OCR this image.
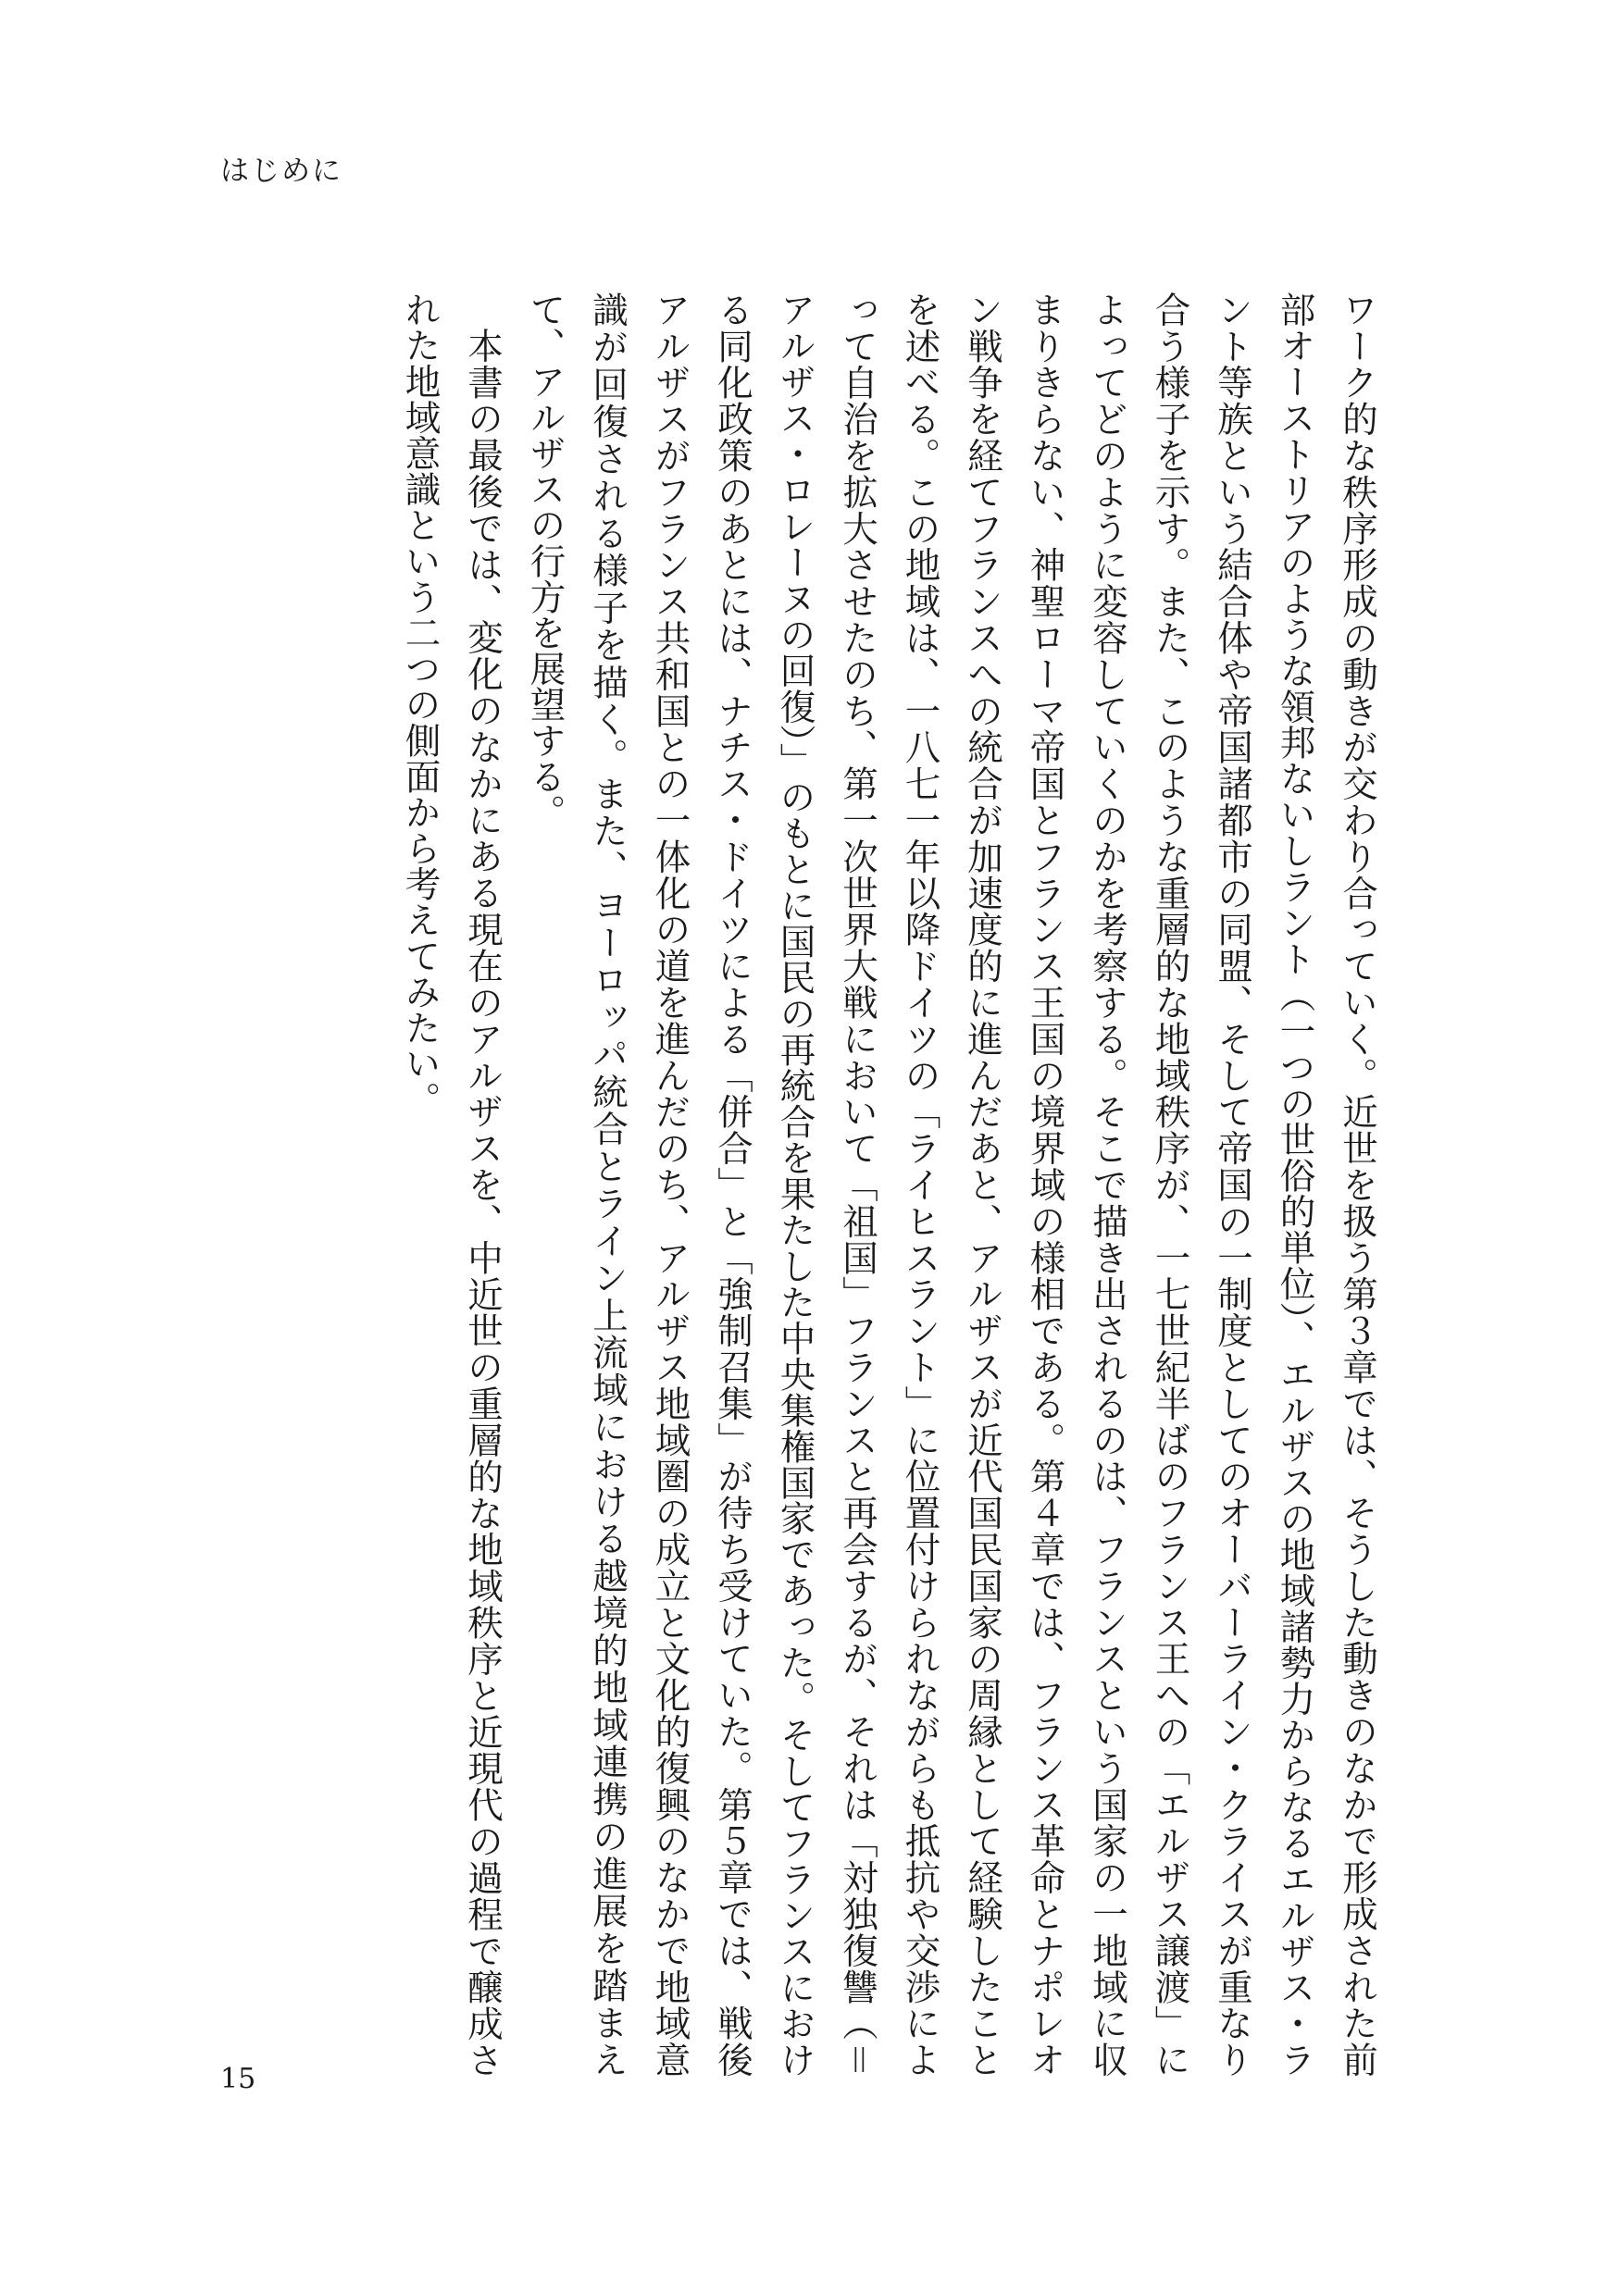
はじめに

ワーク的な秩序形成の動きが交わり合っていく。近世を扱う第３章では、そうした動きのなかで形成された前部オーストリアのような領邦ないしラント（一つの世俗的単位）、エルザスの地域諸勢力からなるエルザス・ラント等族という結合体や帝国諸都市の同盟、そして帝国の一制度としてのオーバーライン・クライスが重なり合う様子を示す。また、このような重層的な地域秩序が、一七世紀半ばのフランス王への「エルザス譲渡」によってどのように変容していくのかを考察する。そこで描き出されるのは、フランスという国家の一地域に収まりきらない、神聖ローマ帝国とフランス王国の境界域の様相である。第４章では、フランス革命とナポレオン戦争を経てフランスへの統合が加速度的に進んだあと、アルザスが近代国民国家の周縁として経験したことを述べる。この地域は、一八七一年以降ドイツの「ライヒスラント」に位置付けられながらも抵抗や交渉によって自治を拡大させたのち、第一次世界大戦において「祖国」フランスと再会するが、それは「対独復讐（＝アルザス・ロレーヌの回復）」のもとに国民の再統合を果たした中央集権国家であった。そしてフランスにおける同化政策のあとには、ナチス・ドイツによる「併合」と「強制召集」が待ち受けていた。第５章では、戦後アルザスがフランス共和国との一体化の道を進んだのち、アルザス地域圏の成立と文化的復興のなかで地域意識が回復される様子を描く。また、ヨーロッパ統合とライン上流域における越境的地域連携の進展を踏まえて、アルザスの行方を展望する。

本書の最後では、変化のなかにある現在のアルザスを、中近世の重層的な地域秩序と近現代の過程で醸成された地域意識という二つの側面から考えてみたい。

15
